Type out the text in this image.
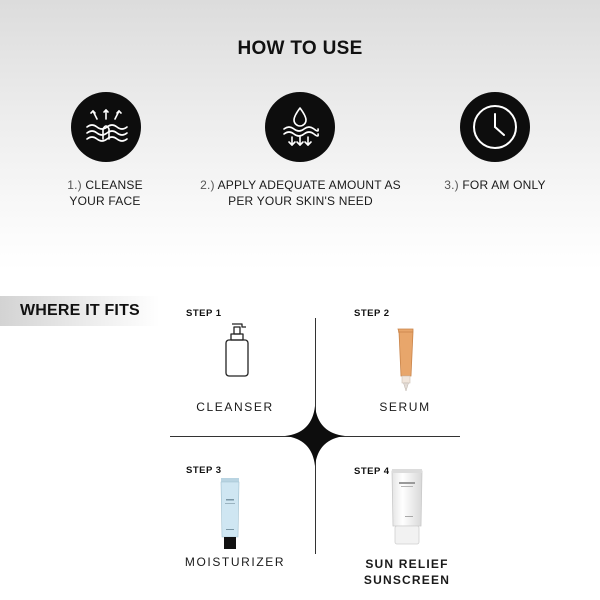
HOW TO USE
1.) CLEANSE
YOUR FACE
2.) APPLY ADEQUATE AMOUNT AS
PER YOUR SKIN'S NEED
3.) FOR AM ONLY
WHERE IT FITS	STEP 1
CLEANSER
STEP 2
SERUM
STEP 3
MOISTURIZER
STEP 4
SUN RELIEF
SUNSCREEN
